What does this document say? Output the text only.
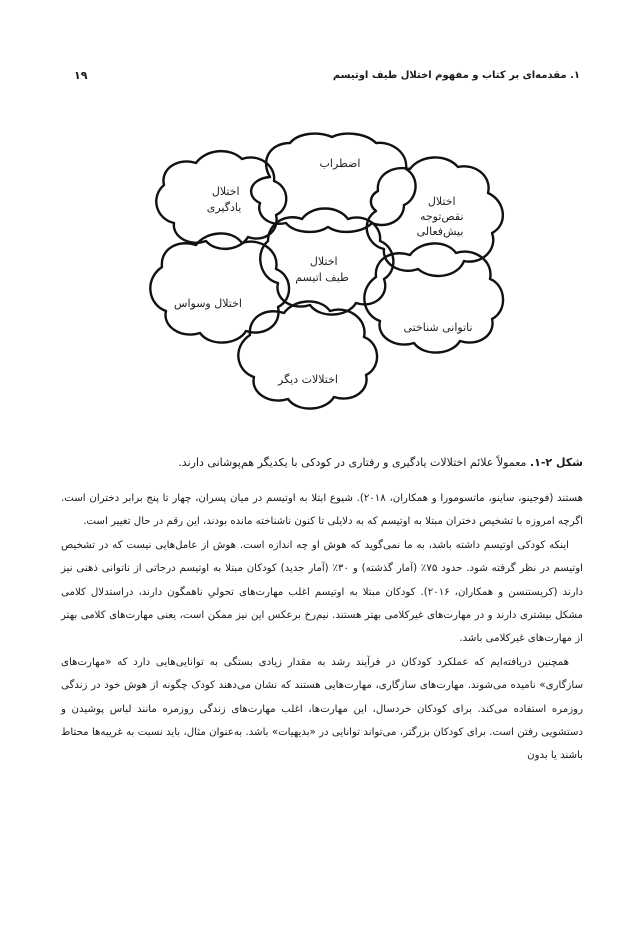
۱. مقدمه‌ای بر کتاب و مفهوم اختلال طیف اوتیسم
۱۹
اضطراب
اختلال یادگیری	اختلال نقص‌توجه بیش‌فعالی
اختلال طیف اتیسم
اختلال وسواس
ناتوانی شناختی
اختلالات دیگر
شکل ۲-۱. معمولاً علائم اختلالات یادگیری و رفتاری در کودکی با یکدیگر هم‌پوشانی دارند.

هستند (فوجینو، ساینو، ماتسومورا و همکاران، ۲۰۱۸). شیوع ابتلا به اوتیسم در میان پسران، چهار تا پنج برابر دختران است. اگرچه امروزه با تشخیص دختران مبتلا به اوتیسم که به دلایلی تا کنون ناشناخته مانده بودند، این رقم در حال تغییر است.

اینکه کودکی اوتیسم داشته باشد، به ما نمی‌گوید که هوش او چه اندازه است. هوش از عامل‌هایی نیست که در تشخیص اوتیسم در نظر گرفته شود. حدود ۷۵٪ (آمار گذشته) و ۳۰٪ (آمار جدید) کودکان مبتلا به اوتیسم درجاتی از ناتوانی ذهنی نیز دارند (کریستنسن و همکاران، ۲۰۱۶). کودکان مبتلا به اوتیسم اغلب مهارت‌های تحولیِ ناهمگون دارند، دراستدلال کلامی مشکل بیشتری دارند و در مهارت‌های غیرکلامی بهتر هستند. نیم‌رخ برعکس این نیز ممکن است، یعنی مهارت‌های کلامی بهتر از مهارت‌های غیرکلامی باشد.

همچنین دریافته‌ایم که عملکرد کودکان در فرآیند رشد به مقدار زیادی بستگی به توانایی‌هایی دارد که «مهارت‌های سازگاری» نامیده می‌شوند. مهارت‌های سازگاری، مهارت‌هایی هستند که نشان می‌دهند کودک چگونه از هوش خود در زندگی روزمره استفاده می‌کند. برای کودکان خردسال، این مهارت‌ها، اغلب مهارت‌های زندگی روزمره مانند لباس پوشیدن و دستشویی رفتن است. برای کودکان بزرگتر، می‌تواند توانایی در «بدیهیات» باشد. به‌عنوان مثال، باید نسبت به غریبه‌ها محتاط باشند یا بدون
